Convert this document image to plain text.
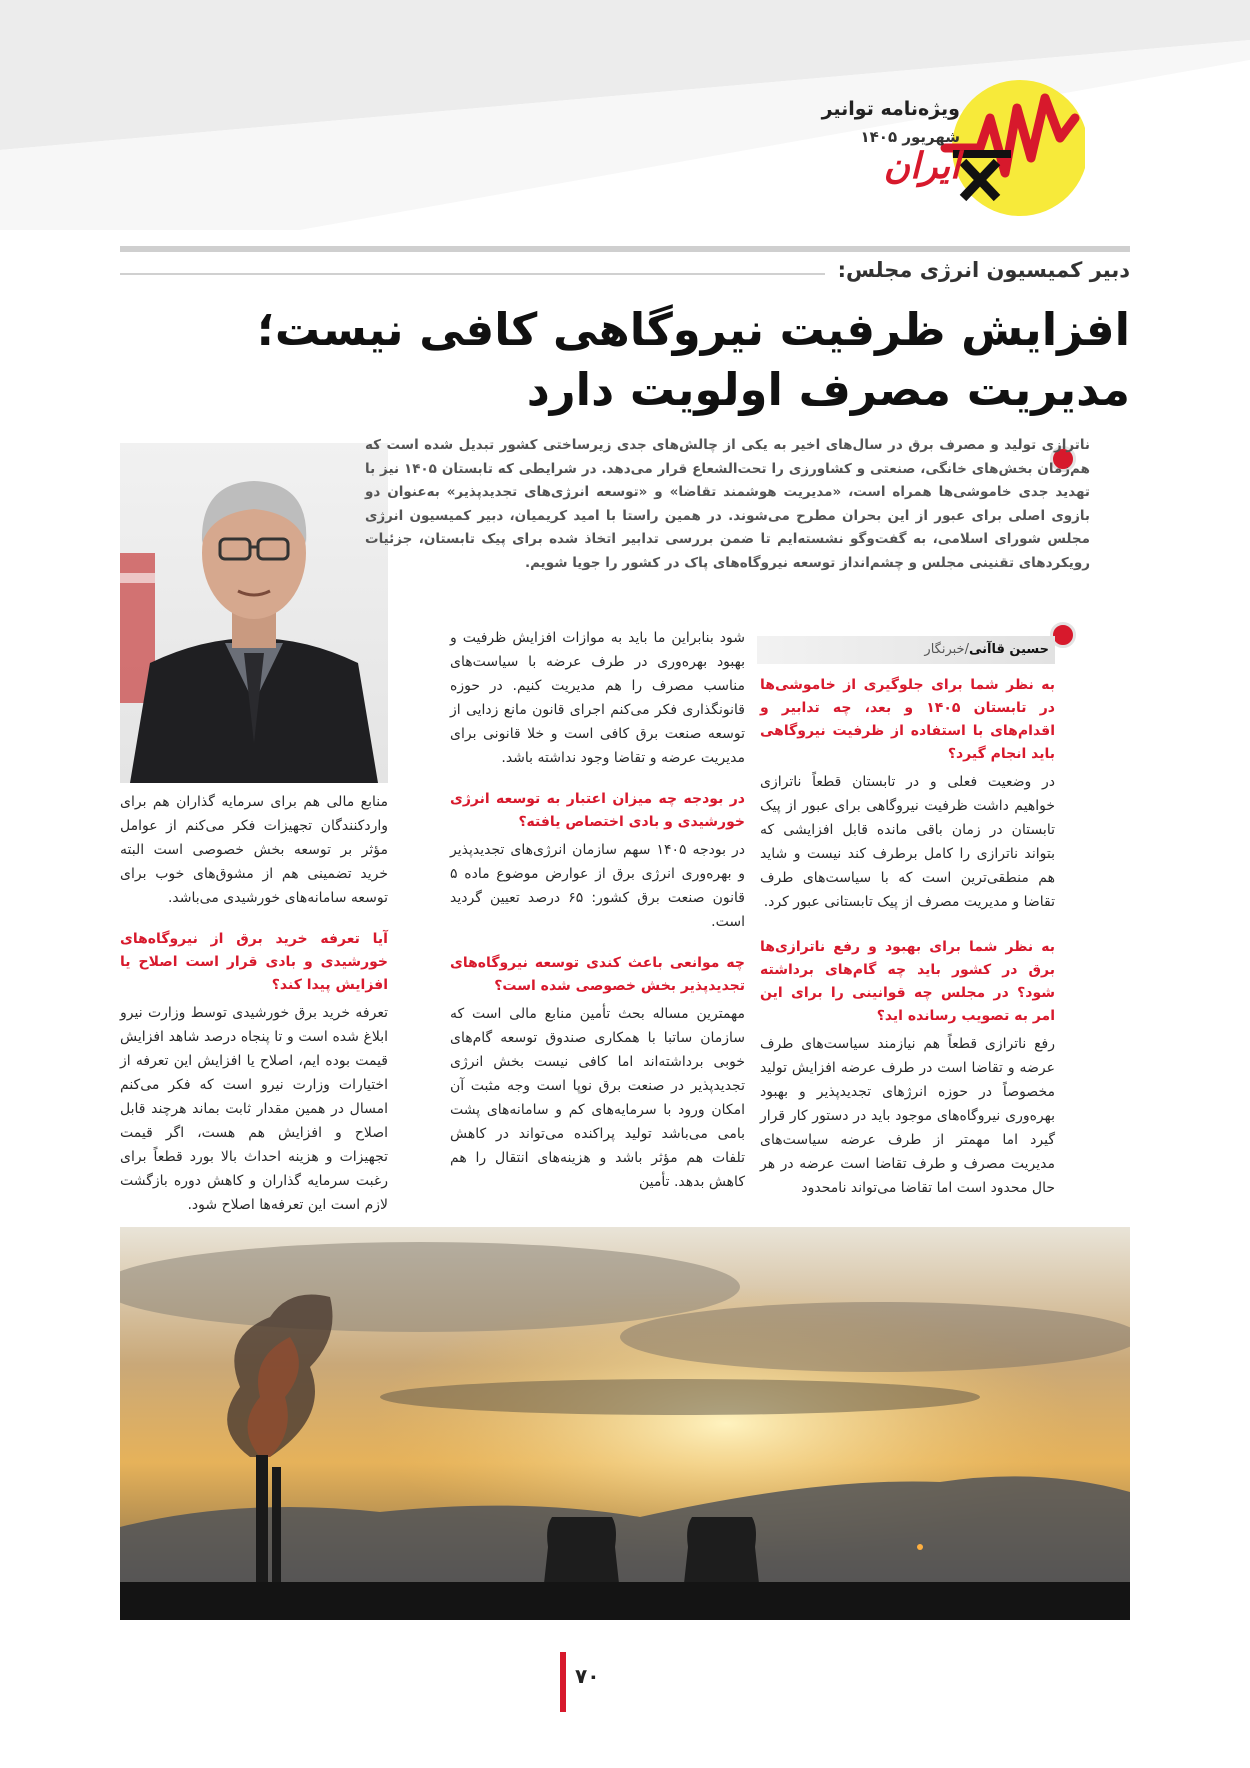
ویژه‌نامه توانیر
شهریور ۱۴۰۵
ایران
دبیر کمیسیون انرژی مجلس:
افزایش ظرفیت نیروگاهی کافی نیست؛
مدیریت مصرف اولویت دارد
ناترازی تولید و مصرف برق در سال‌های اخیر به یکی از چالش‌های جدی زیرساختی کشور تبدیل شده است که هم‌زمان بخش‌های خانگی، صنعتی و کشاورزی را تحت‌الشعاع قرار می‌دهد. در شرایطی که تابستان ۱۴۰۵ نیز با تهدید جدی خاموشی‌ها همراه است، «مدیریت هوشمند تقاضا» و «توسعه انرژی‌های تجدیدپذیر» به‌عنوان دو بازوی اصلی برای عبور از این بحران مطرح می‌شوند. در همین راستا با امید کریمیان، دبیر کمیسیون انرژی مجلس شورای اسلامی، به گفت‌وگو نشسته‌ایم تا ضمن بررسی تدابیر اتخاذ شده برای پیک تابستان، جزئیات رویکردهای تقنینی مجلس و چشم‌انداز توسعه نیروگاه‌های پاک در کشور را جویا شویم.
حسین قاآنی/خبرنگار
به نظر شما برای جلوگیری از خاموشی‌ها در تابستان ۱۴۰۵ و بعد، چه تدابیر و اقدام‌های با استفاده از ظرفیت نیروگاهی باید انجام گیرد؟

در وضعیت فعلی و در تابستان قطعاً ناترازی خواهیم داشت ظرفیت نیروگاهی برای عبور از پیک تابستان در زمان باقی مانده قابل افزایشی که بتواند ناترازی را کامل برطرف کند نیست و شاید هم منطقی‌ترین است که با سیاست‌های طرف تقاضا و مدیریت مصرف از پیک تابستانی عبور کرد.

به نظر شما برای بهبود و رفع ناترازی‌ها برق در کشور باید چه گام‌های برداشته شود؟ در مجلس چه قوانینی را برای این امر به تصویب رسانده اید؟

رفع ناترازی قطعاً هم نیازمند سیاست‌های طرف عرضه و تقاضا است در طرف عرضه افزایش تولید مخصوصاً در حوزه انرژهای تجدیدپذیر و بهبود بهره‌وری نیروگاه‌های موجود باید در دستور کار قرار گیرد اما مهمتر از طرف عرضه سیاست‌های مدیریت مصرف و طرف تقاضا است عرضه در هر حال محدود است اما تقاضا می‌تواند نامحدود

شود بنابراین ما باید به موازات افزایش ظرفیت و بهبود بهره‌وری در طرف عرضه با سیاست‌های مناسب مصرف را هم مدیریت کنیم. در حوزه قانونگذاری فکر می‌کنم اجرای قانون مانع زدایی از توسعه صنعت برق کافی است و خلا قانونی برای مدیریت عرضه و تقاضا وجود نداشته باشد.

در بودجه چه میزان اعتبار به توسعه انرژی خورشیدی و بادی اختصاص یافته؟

در بودجه ۱۴۰۵ سهم سازمان انرژی‌های تجدیدپذیر و بهره‌وری انرژی برق از عوارض موضوع ماده ۵ قانون صنعت برق کشور: ۶۵ درصد تعیین گردید است.

چه موانعی باعث کندی توسعه نیروگاه‌های تجدیدپذیر بخش خصوصی شده است؟

مهمترین مساله بحث تأمین منابع مالی است که سازمان ساتبا با همکاری صندوق توسعه گام‌های خوبی برداشته‌اند اما کافی نیست بخش انرژی تجدیدپذیر در صنعت برق نوپا است وجه مثبت آن امکان ورود با سرمایه‌های کم و سامانه‌های پشت بامی می‌باشد تولید پراکنده می‌تواند در کاهش تلفات هم مؤثر باشد و هزینه‌های انتقال را هم کاهش بدهد. تأمین

منابع مالی هم برای سرمایه گذاران هم برای واردکنندگان تجهیزات فکر می‌کنم از عوامل مؤثر بر توسعه بخش خصوصی است البته خرید تضمینی هم از مشوق‌های خوب برای توسعه سامانه‌های خورشیدی می‌باشد.

آیا تعرفه خرید برق از نیروگاه‌های خورشیدی و بادی قرار است اصلاح یا افزایش پیدا کند؟

تعرفه خرید برق خورشیدی توسط وزارت نیرو ابلاغ شده است و تا پنجاه درصد شاهد افزایش قیمت بوده ایم، اصلاح یا افزایش این تعرفه از اختیارات وزارت نیرو است که فکر می‌کنم امسال در همین مقدار ثابت بماند هرچند قابل اصلاح و افزایش هم هست، اگر قیمت تجهیزات و هزینه احداث بالا بورد قطعاً برای رغبت سرمایه گذاران و کاهش دوره بازگشت لازم است این تعرفه‌ها اصلاح شود.

۷۰
